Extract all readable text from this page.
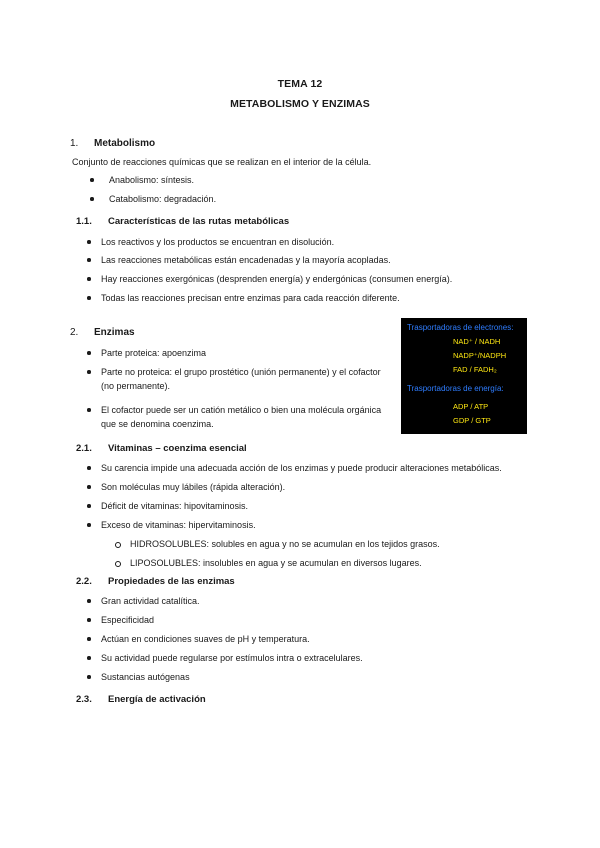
TEMA 12
METABOLISMO Y ENZIMAS
1. Metabolismo
Conjunto de reacciones químicas que se realizan en el interior de la célula.
Anabolismo: síntesis.
Catabolismo: degradación.
1.1. Características de las rutas metabólicas
Los reactivos y los productos se encuentran en disolución.
Las reacciones metabólicas están encadenadas y la mayoría acopladas.
Hay reacciones exergónicas (desprenden energía) y endergónicas (consumen energía).
Todas las reacciones precisan entre enzimas para cada reacción diferente.
2. Enzimas
Parte proteica: apoenzima
Parte no proteica: el grupo prostético (unión permanente) y el cofactor (no permanente).
El cofactor puede ser un catión metálico o bien una molécula orgánica que se denomina coenzima.
Trasportadoras de electrones:
NAD⁺ / NADH
NADP⁺/NADPH
FAD / FADH₂
Trasportadoras de energía:
ADP / ATP
GDP / GTP
2.1. Vitaminas – coenzima esencial
Su carencia impide una adecuada acción de los enzimas y puede producir alteraciones metabólicas.
Son moléculas muy lábiles (rápida alteración).
Déficit de vitaminas: hipovitaminosis.
Exceso de vitaminas: hipervitaminosis.
HIDROSOLUBLES: solubles en agua y no se acumulan en los tejidos grasos.
LIPOSOLUBLES: insolubles en agua y se acumulan en diversos lugares.
2.2. Propiedades de las enzimas
Gran actividad catalítica.
Especificidad
Actúan en condiciones suaves de pH y temperatura.
Su actividad puede regularse por estímulos intra o extracelulares.
Sustancias autógenas
2.3. Energía de activación
